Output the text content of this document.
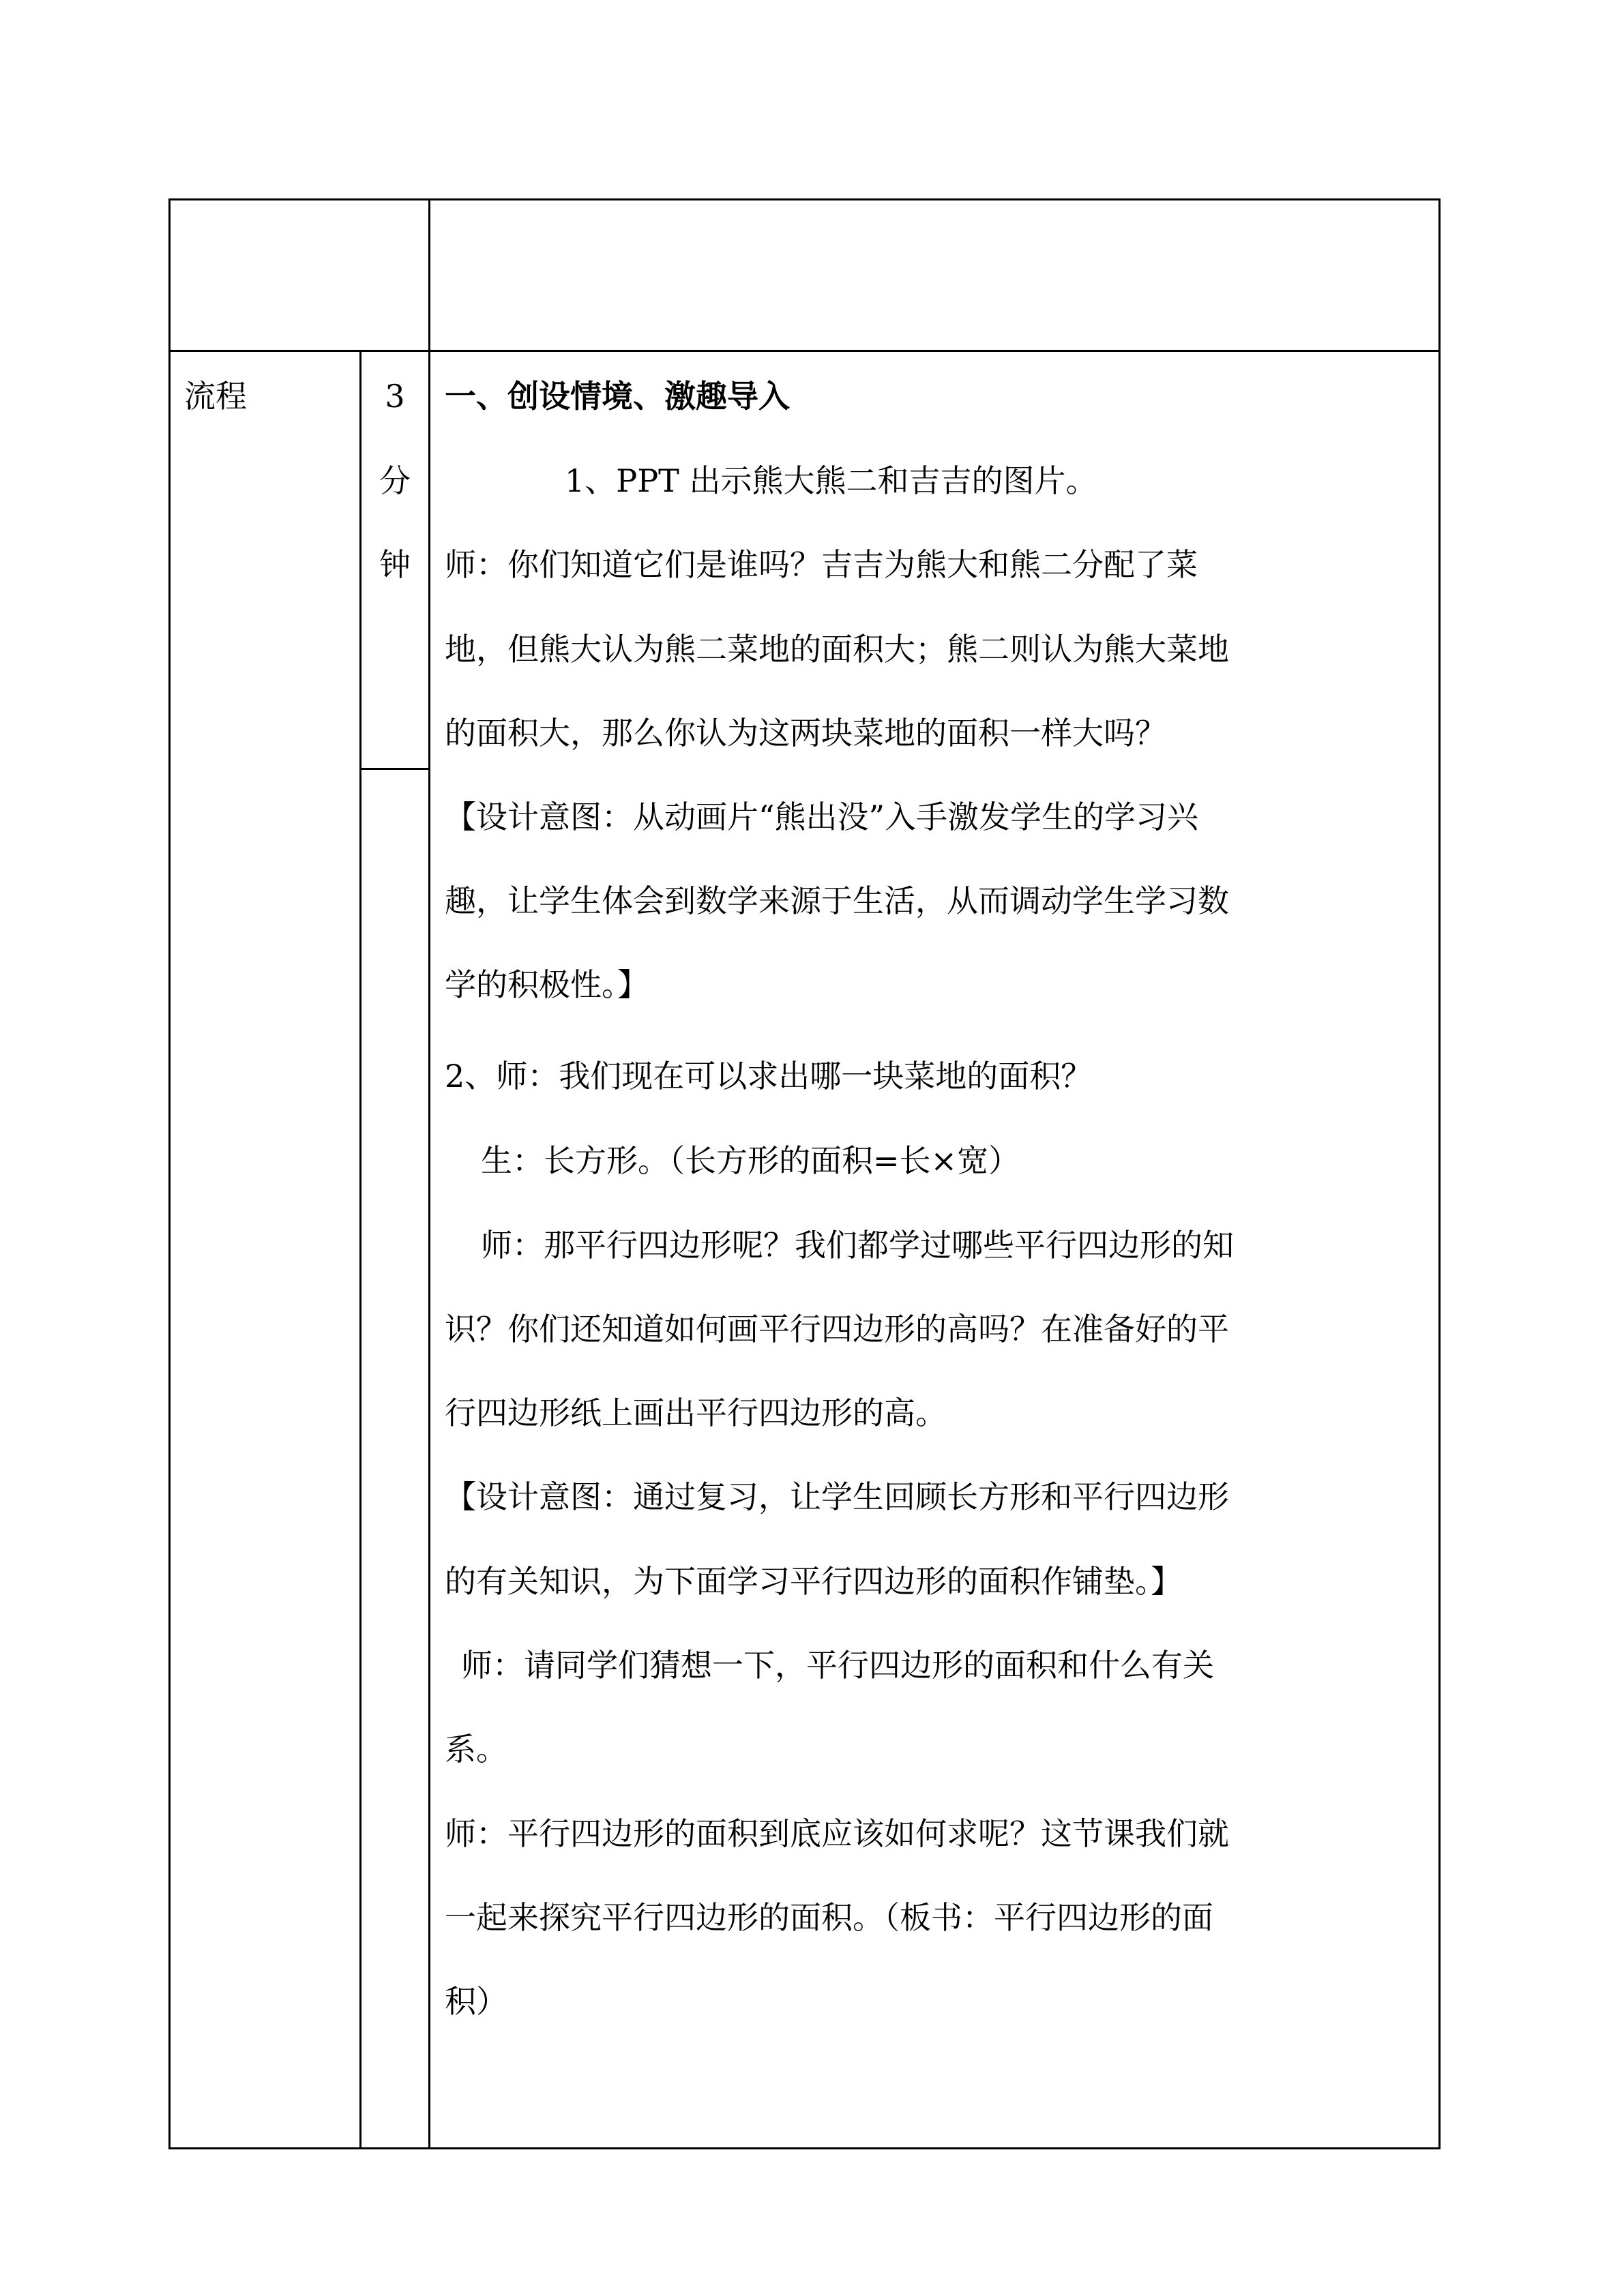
流程	3
分
钟
一、创设情境、激趣导入
1、PPT 出示熊大熊二和吉吉的图片。
师：你们知道它们是谁吗？吉吉为熊大和熊二分配了菜
地，但熊大认为熊二菜地的面积大；熊二则认为熊大菜地
的面积大，那么你认为这两块菜地的面积一样大吗？
【设计意图：从动画片“熊出没”入手激发学生的学习兴
趣，让学生体会到数学来源于生活，从而调动学生学习数
学的积极性。】
2、师：我们现在可以求出哪一块菜地的面积？
生：长方形。（长方形的面积=长×宽）
师：那平行四边形呢？我们都学过哪些平行四边形的知
识？你们还知道如何画平行四边形的高吗？在准备好的平
行四边形纸上画出平行四边形的高。
【设计意图：通过复习，让学生回顾长方形和平行四边形
的有关知识，为下面学习平行四边形的面积作铺垫。】
师：请同学们猜想一下，平行四边形的面积和什么有关
系。
师：平行四边形的面积到底应该如何求呢？这节课我们就
一起来探究平行四边形的面积。（板书：平行四边形的面
积）
